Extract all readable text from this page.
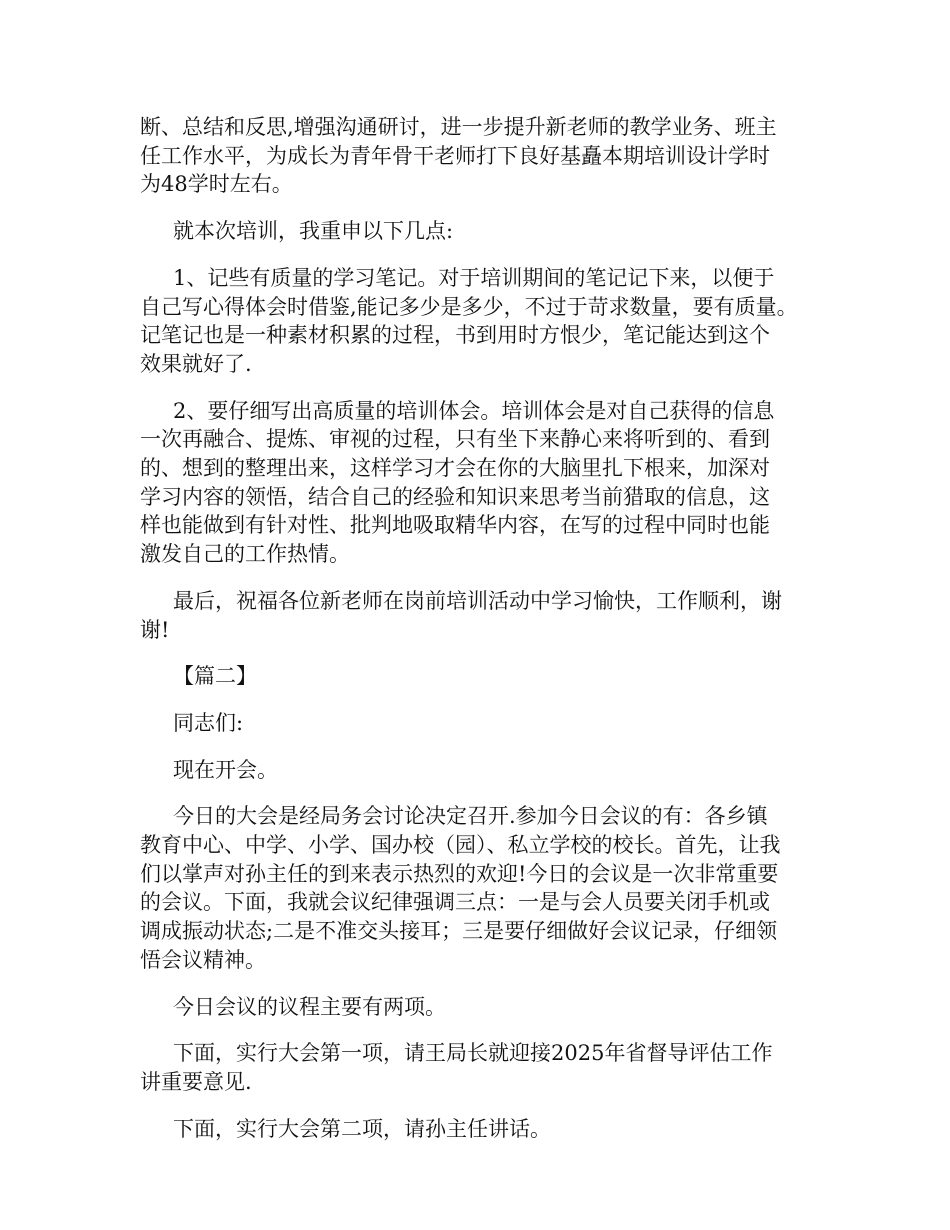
断、总结和反思,增强沟通研讨，进一步提升新老师的教学业务、班主
任工作水平，为成长为青年骨干老师打下良好基矗本期培训设计学时
为48学时左右。

就本次培训，我重申以下几点:

1、记些有质量的学习笔记。对于培训期间的笔记记下来，以便于
自己写心得体会时借鉴,能记多少是多少，不过于苛求数量，要有质量。
记笔记也是一种素材积累的过程，书到用时方恨少，笔记能达到这个
效果就好了.

2、要仔细写出高质量的培训体会。培训体会是对自己获得的信息
一次再融合、提炼、审视的过程，只有坐下来静心来将听到的、看到
的、想到的整理出来，这样学习才会在你的大脑里扎下根来，加深对
学习内容的领悟，结合自己的经验和知识来思考当前猎取的信息，这
样也能做到有针对性、批判地吸取精华内容，在写的过程中同时也能
激发自己的工作热情。

最后，祝福各位新老师在岗前培训活动中学习愉快，工作顺利，谢
谢!

【篇二】

同志们:

现在开会。

今日的大会是经局务会讨论决定召开.参加今日会议的有：各乡镇
教育中心、中学、小学、国办校（园）、私立学校的校长。首先，让我
们以掌声对孙主任的到来表示热烈的欢迎!今日的会议是一次非常重要
的会议。下面，我就会议纪律强调三点：一是与会人员要关闭手机或
调成振动状态;二是不准交头接耳；三是要仔细做好会议记录，仔细领
悟会议精神。

今日会议的议程主要有两项。

下面，实行大会第一项，请王局长就迎接2025年省督导评估工作
讲重要意见.

下面，实行大会第二项，请孙主任讲话。
